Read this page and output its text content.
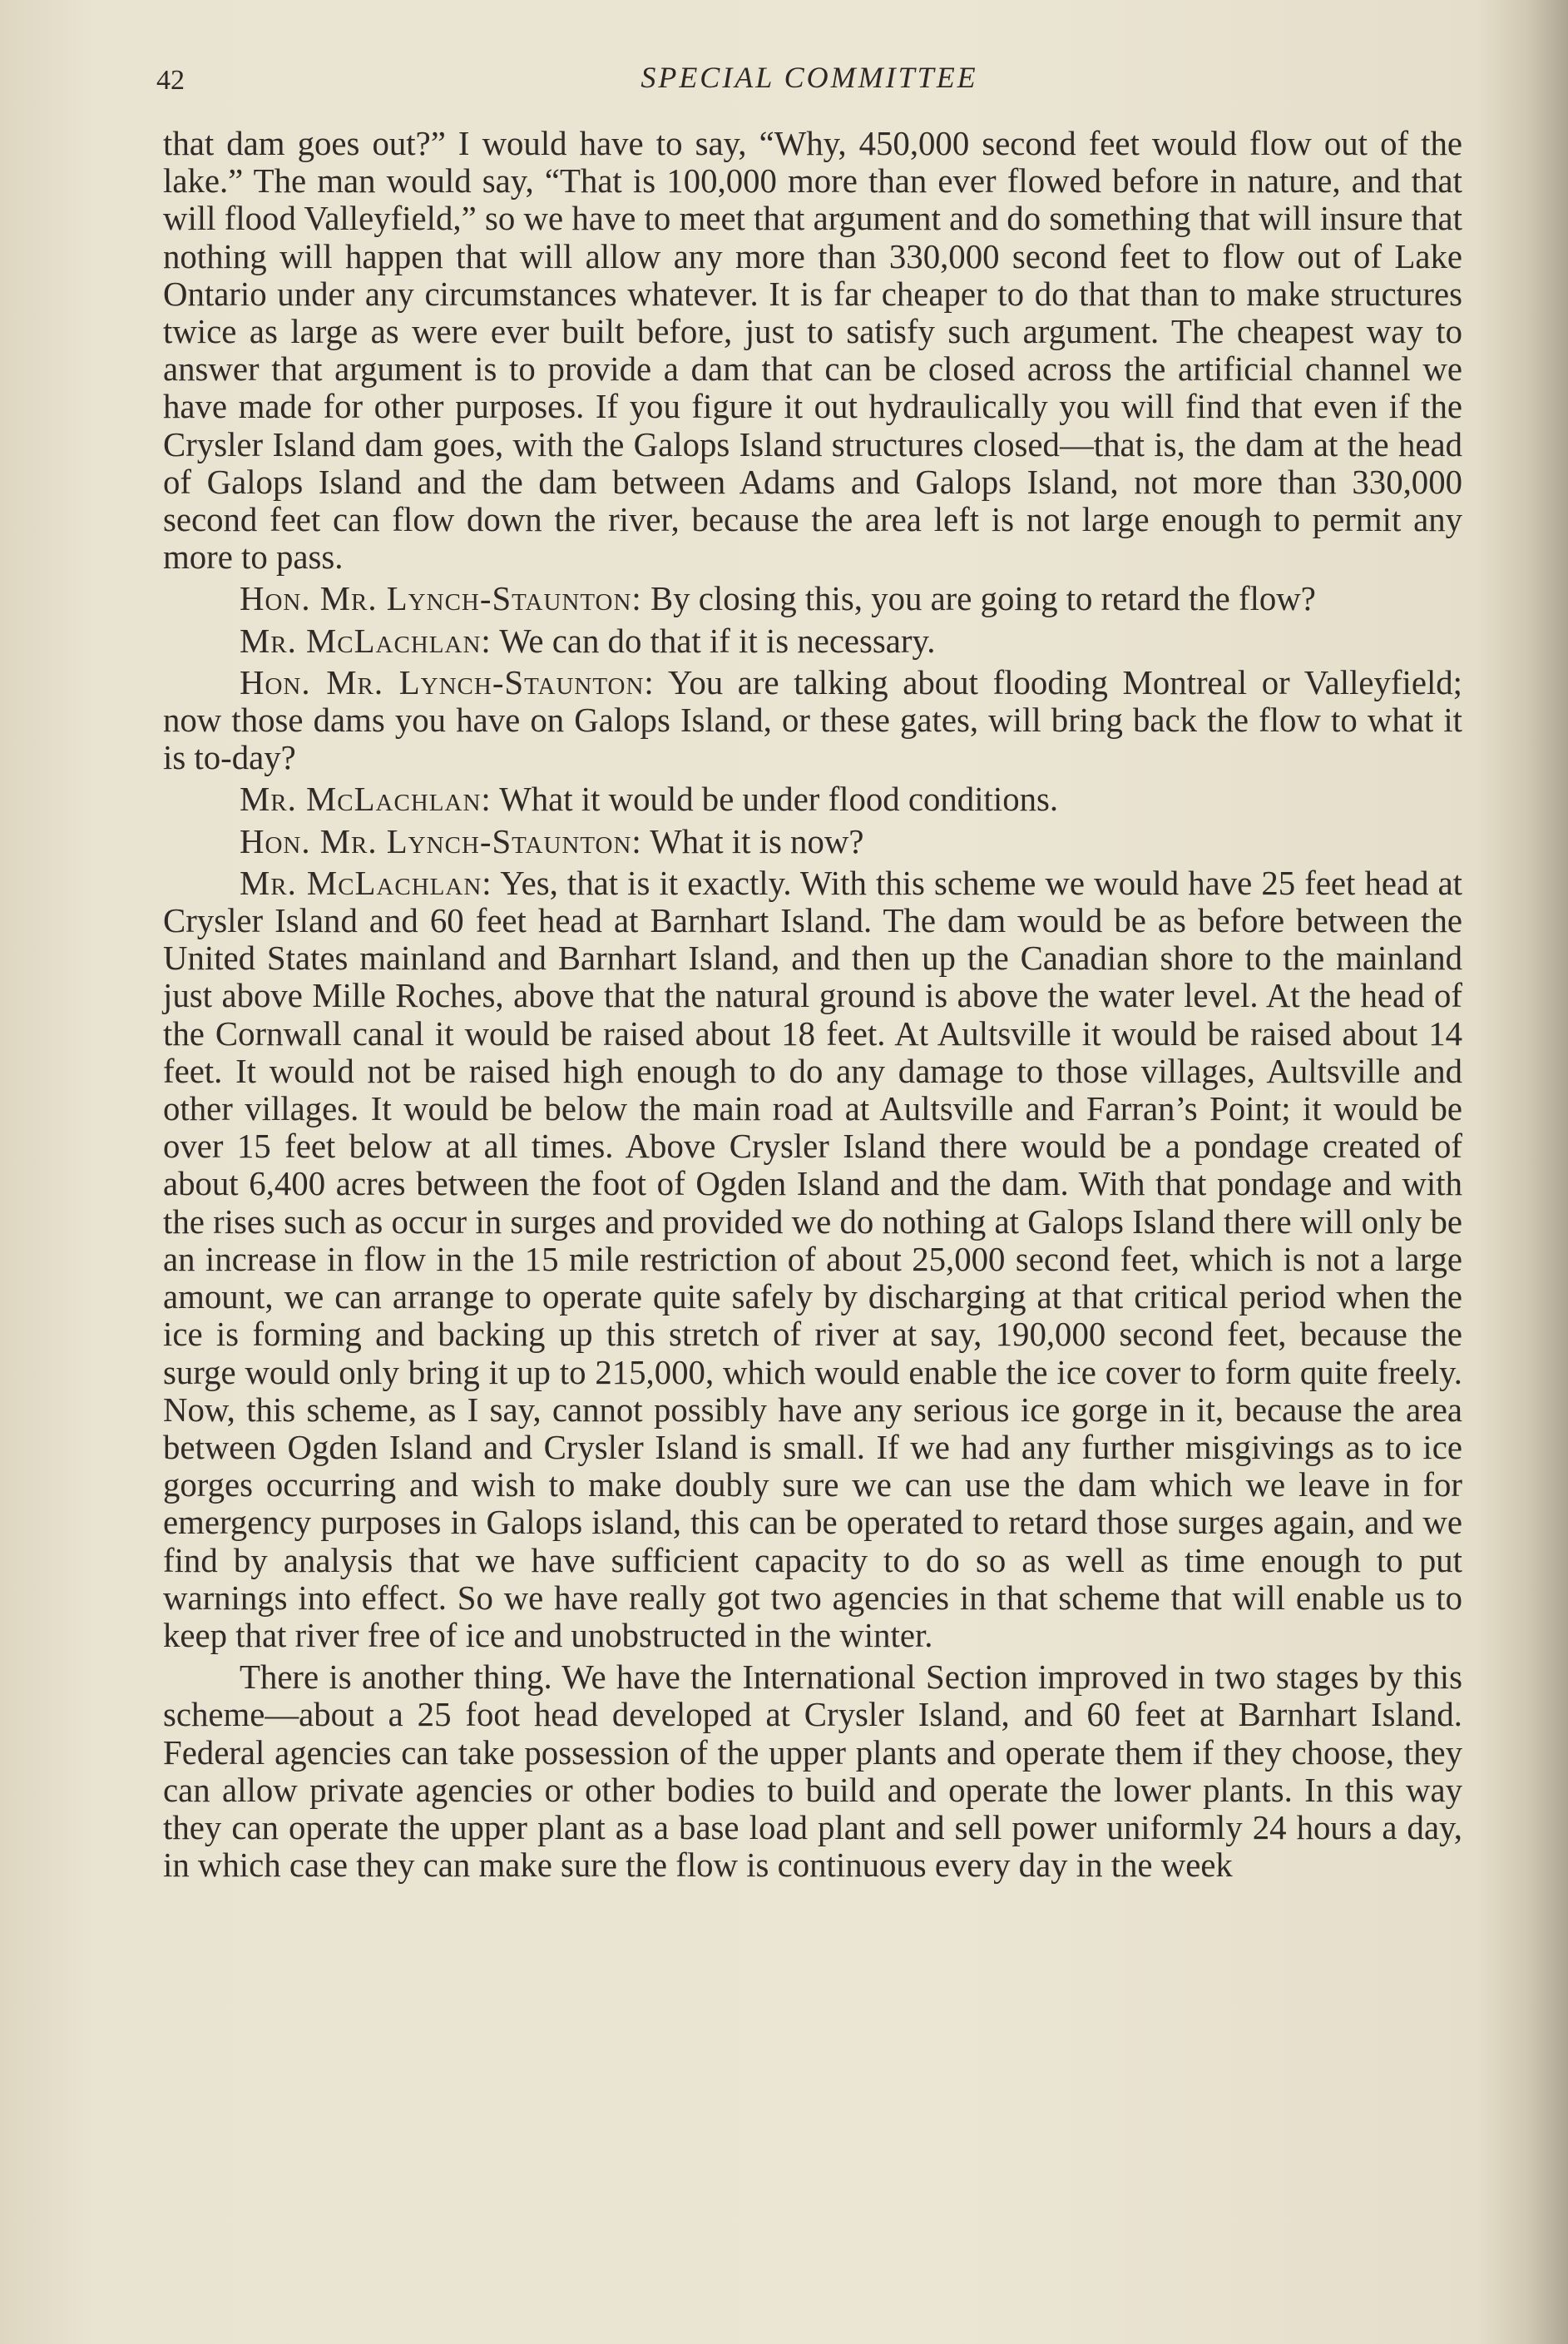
42	SPECIAL COMMITTEE

that dam goes out?” I would have to say, “Why, 450,000 second feet would flow out of the lake.” The man would say, “That is 100,000 more than ever flowed before in nature, and that will flood Valleyfield,” so we have to meet that argument and do something that will insure that nothing will happen that will allow any more than 330,000 second feet to flow out of Lake Ontario under any circumstances whatever. It is far cheaper to do that than to make structures twice as large as were ever built before, just to satisfy such argument. The cheapest way to answer that argument is to provide a dam that can be closed across the artificial channel we have made for other purposes. If you figure it out hydraulically you will find that even if the Crysler Island dam goes, with the Galops Island structures closed—that is, the dam at the head of Galops Island and the dam between Adams and Galops Island, not more than 330,000 second feet can flow down the river, because the area left is not large enough to permit any more to pass.

Hon. Mr. Lynch-Staunton: By closing this, you are going to retard the flow?

Mr. McLachlan: We can do that if it is necessary.

Hon. Mr. Lynch-Staunton: You are talking about flooding Montreal or Valleyfield; now those dams you have on Galops Island, or these gates, will bring back the flow to what it is to-day?

Mr. McLachlan: What it would be under flood conditions.

Hon. Mr. Lynch-Staunton: What it is now?

Mr. McLachlan: Yes, that is it exactly. With this scheme we would have 25 feet head at Crysler Island and 60 feet head at Barnhart Island. The dam would be as before between the United States mainland and Barnhart Island, and then up the Canadian shore to the mainland just above Mille Roches, above that the natural ground is above the water level. At the head of the Cornwall canal it would be raised about 18 feet. At Aultsville it would be raised about 14 feet. It would not be raised high enough to do any damage to those villages, Aultsville and other villages. It would be below the main road at Aultsville and Farran’s Point; it would be over 15 feet below at all times. Above Crysler Island there would be a pondage created of about 6,400 acres between the foot of Ogden Island and the dam. With that pondage and with the rises such as occur in surges and provided we do nothing at Galops Island there will only be an increase in flow in the 15 mile restriction of about 25,000 second feet, which is not a large amount, we can arrange to operate quite safely by discharging at that critical period when the ice is forming and backing up this stretch of river at say, 190,000 second feet, because the surge would only bring it up to 215,000, which would enable the ice cover to form quite freely. Now, this scheme, as I say, cannot possibly have any serious ice gorge in it, because the area between Ogden Island and Crysler Island is small. If we had any further misgivings as to ice gorges occurring and wish to make doubly sure we can use the dam which we leave in for emergency purposes in Galops island, this can be operated to retard those surges again, and we find by analysis that we have sufficient capacity to do so as well as time enough to put warnings into effect. So we have really got two agencies in that scheme that will enable us to keep that river free of ice and unobstructed in the winter.

There is another thing. We have the International Section improved in two stages by this scheme—about a 25 foot head developed at Crysler Island, and 60 feet at Barnhart Island. Federal agencies can take possession of the upper plants and operate them if they choose, they can allow private agencies or other bodies to build and operate the lower plants. In this way they can operate the upper plant as a base load plant and sell power uniformly 24 hours a day, in which case they can make sure the flow is continuous every day in the week
